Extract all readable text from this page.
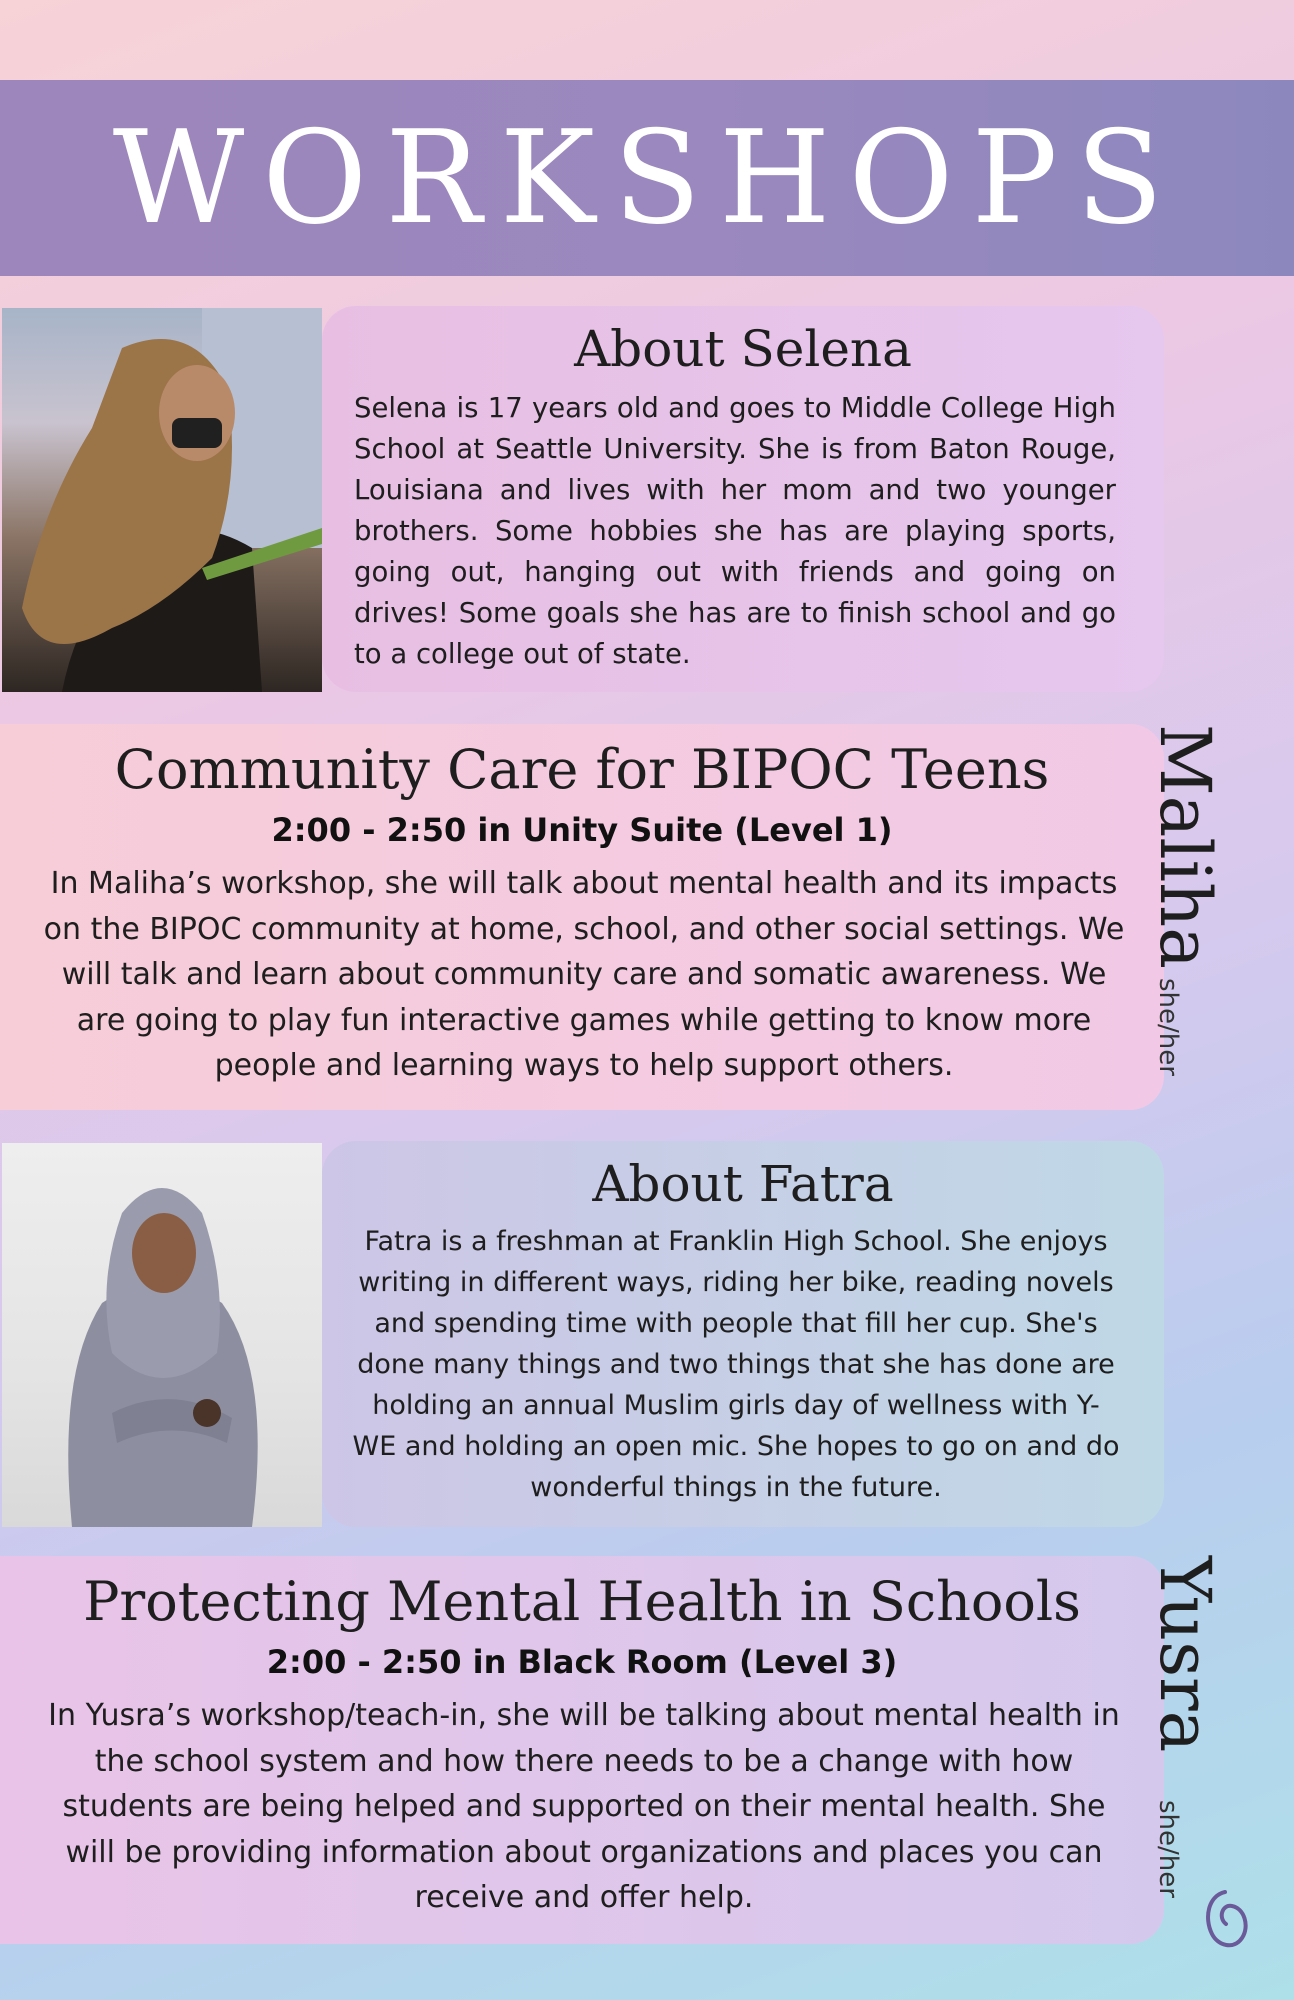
WORKSHOPS
About Selena
Selena is 17 years old and goes to Middle College High School at Seattle University. She is from Baton Rouge, Louisiana and lives with her mom and two younger brothers. Some hobbies she has are playing sports, going out, hanging out with friends and going on drives! Some goals she has are to finish school and go to a college out of state.
Community Care for BIPOC Teens
2:00 - 2:50 in Unity Suite (Level 1)
In Maliha’s workshop, she will talk about mental health and its impacts on the BIPOC community at home, school, and other social settings. We will talk and learn about community care and somatic awareness. We are going to play fun interactive games while getting to know more people and learning ways to help support others.
Maliha
she/her
About Fatra
Fatra is a freshman at Franklin High School. She enjoys writing in different ways, riding her bike, reading novels and spending time with people that fill her cup. She's done many things and two things that she has done are holding an annual Muslim girls day of wellness with Y-WE and holding an open mic. She hopes to go on and do wonderful things in the future.
Protecting Mental Health in Schools
2:00 - 2:50 in Black Room (Level 3)
In Yusra’s workshop/teach-in, she will be talking about mental health in the school system and how there needs to be a change with how students are being helped and supported on their mental health. She will be providing information about organizations and places you can receive and offer help.
Yusra
she/her
